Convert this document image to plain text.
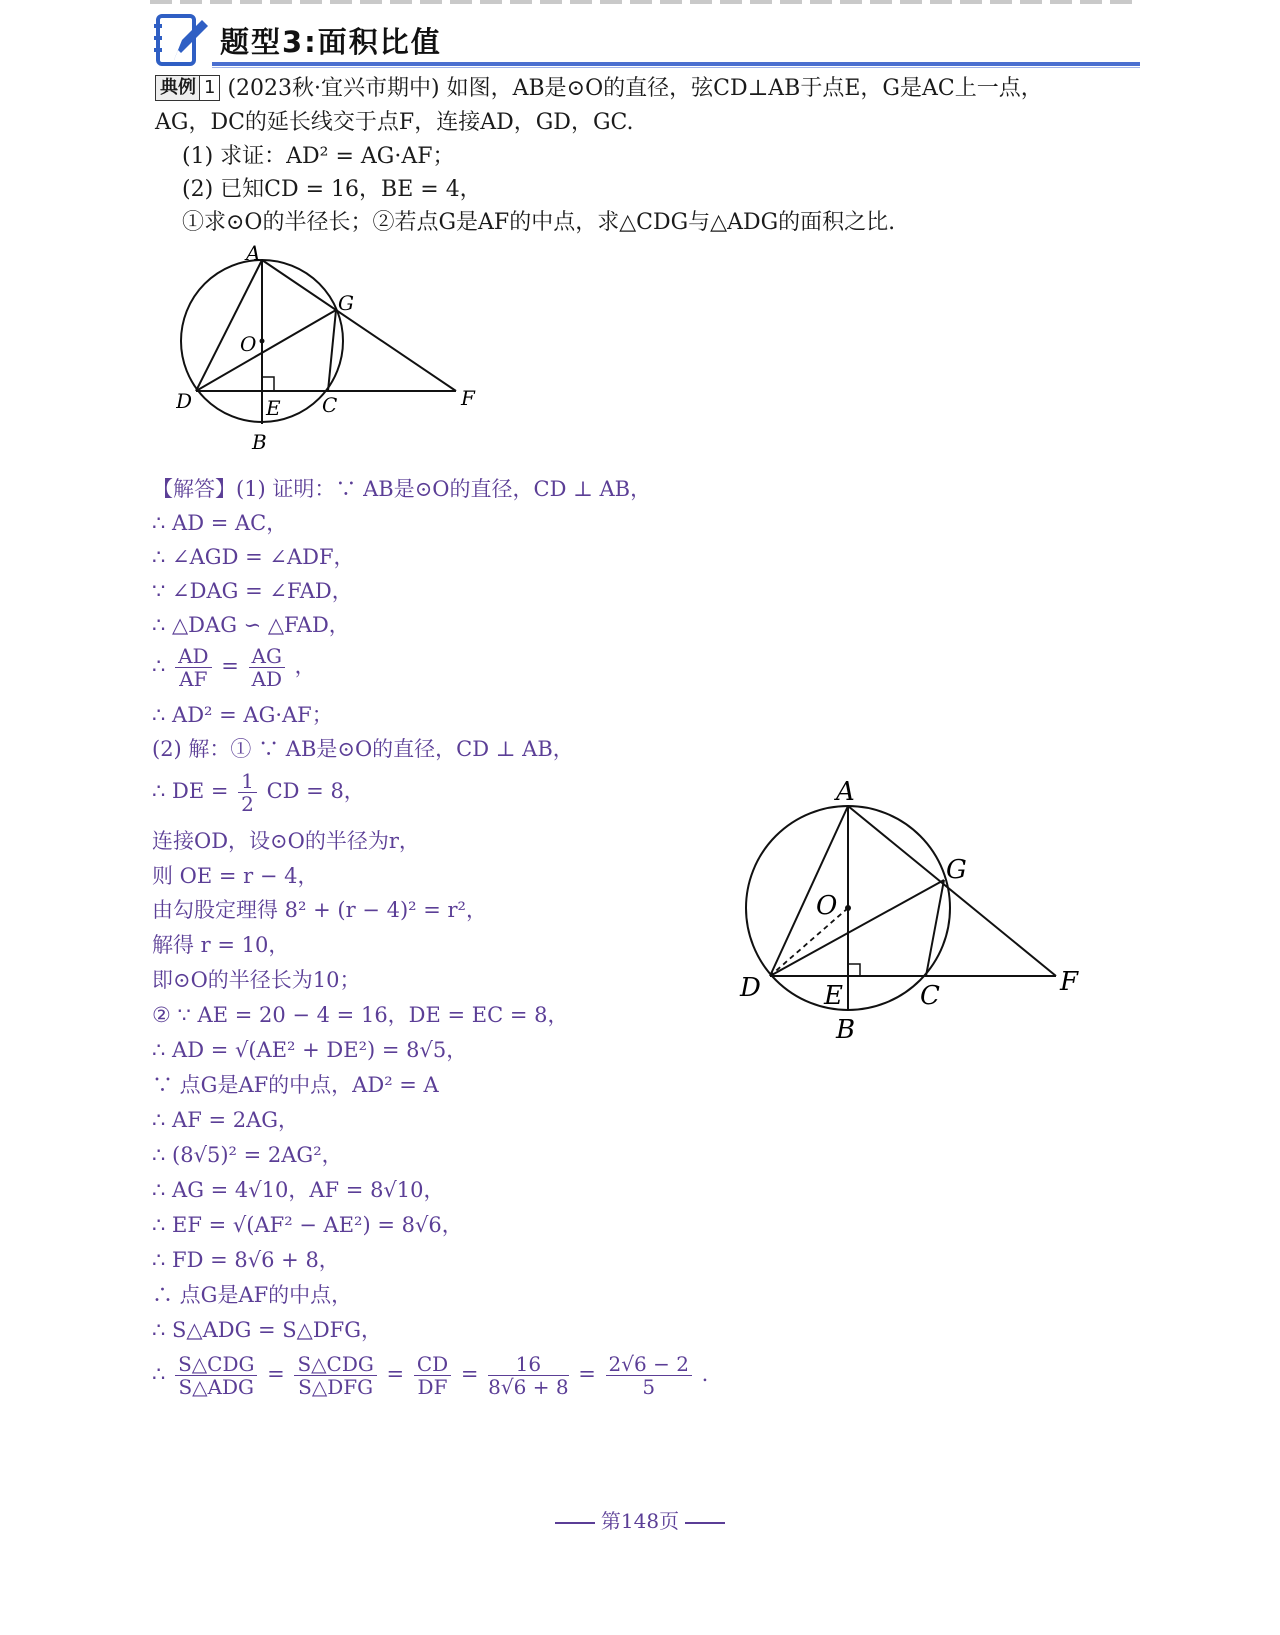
题型3:面积比值
典例 1 (2023秋·宜兴市期中) 如图，AB是⊙O的直径，弦CD⊥AB于点E，G是AC上一点，
AG，DC的延长线交于点F，连接AD，GD，GC.
(1) 求证：AD² = AG·AF；
(2) 已知CD = 16，BE = 4，
①求⊙O的半径长；②若点G是AF的中点，求△CDG与△ADG的面积之比.
A
O
G
D	E C	F
B
A
O
G
D E	C	F
B
【解答】(1) 证明：∵ AB是⊙O的直径，CD ⊥ AB，
∴ AD = AC，
∴ ∠AGD = ∠ADF，
∵ ∠DAG = ∠FAD，
∴ △DAG ∽ △FAD，
∴ $\frac{AD}{AF} = \frac{AG}{AD}$ ，
∴ AD² = AG·AF；
(2) 解：① ∵ AB是⊙O的直径，CD ⊥ AB，
∴ DE = $\frac{1}{2}$ CD = 8，
连接OD，设⊙O的半径为r，
则 OE = r − 4，
由勾股定理得 8² + (r − 4)² = r²，
解得 r = 10，
即⊙O的半径长为10；
② ∵ AE = 20 − 4 = 16，DE = EC = 8，
∴ AD = √(AE² + DE²) = 8√5，
∵ 点G是AF的中点，AD² = A
∴ AF = 2AG，
∴ (8√5)² = 2AG²，
∴ AG = 4√10，AF = 8√10，
∴ EF = √(AF² − AE²) = 8√6，
∴ FD = 8√6 + 8，
∴ 点G是AF的中点，
∴ S△ADG = S△DFG，
∴ $\frac{\text{S△CDG}}{\text{S△ADG}} = \frac{\text{S△CDG}}{\text{S△DFG}} = \frac{CD}{DF} = \frac{16}{8√6 + 8} = \frac{2√6 - 2}{5}$ .
第148页
